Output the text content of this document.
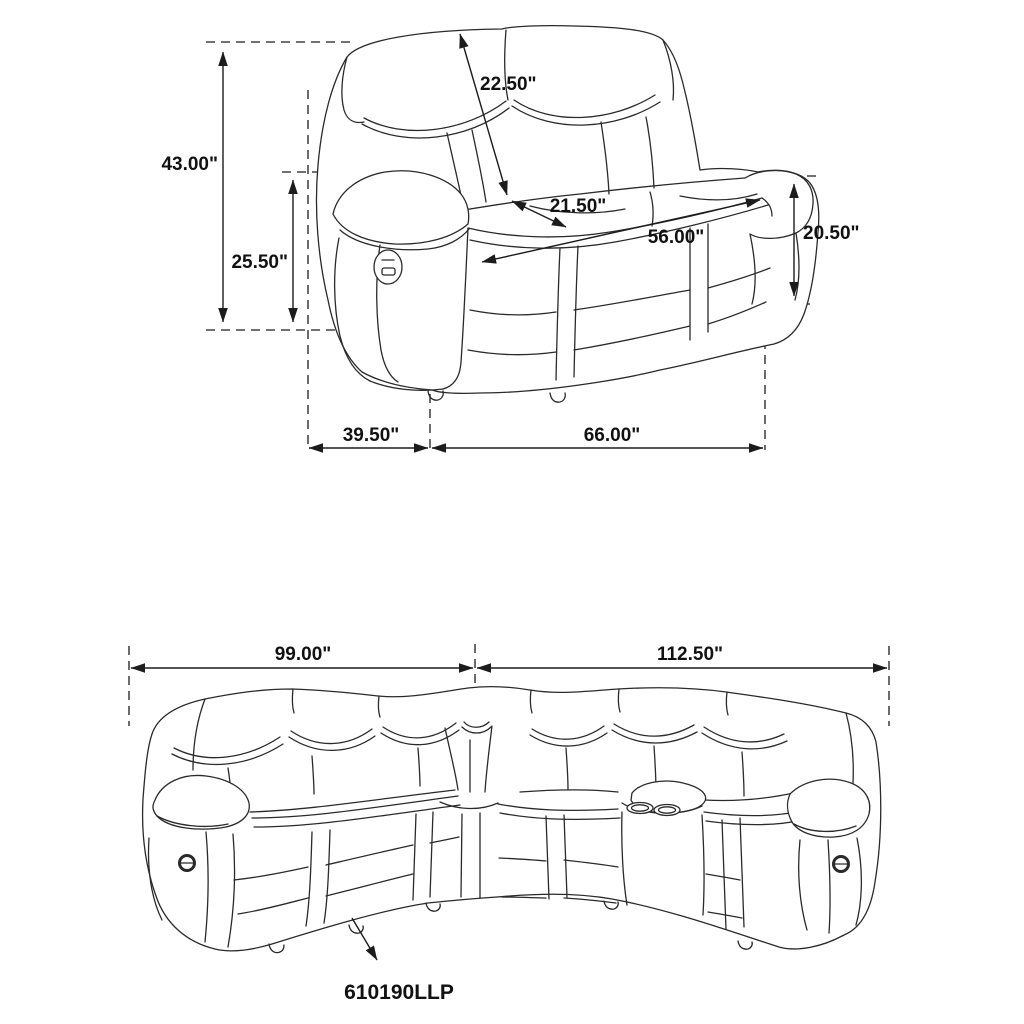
43.00"
25.50"
22.50"
21.50"
56.00"	20.50"
39.50"	66.00"
99.00"	112.50"
610190LLP
